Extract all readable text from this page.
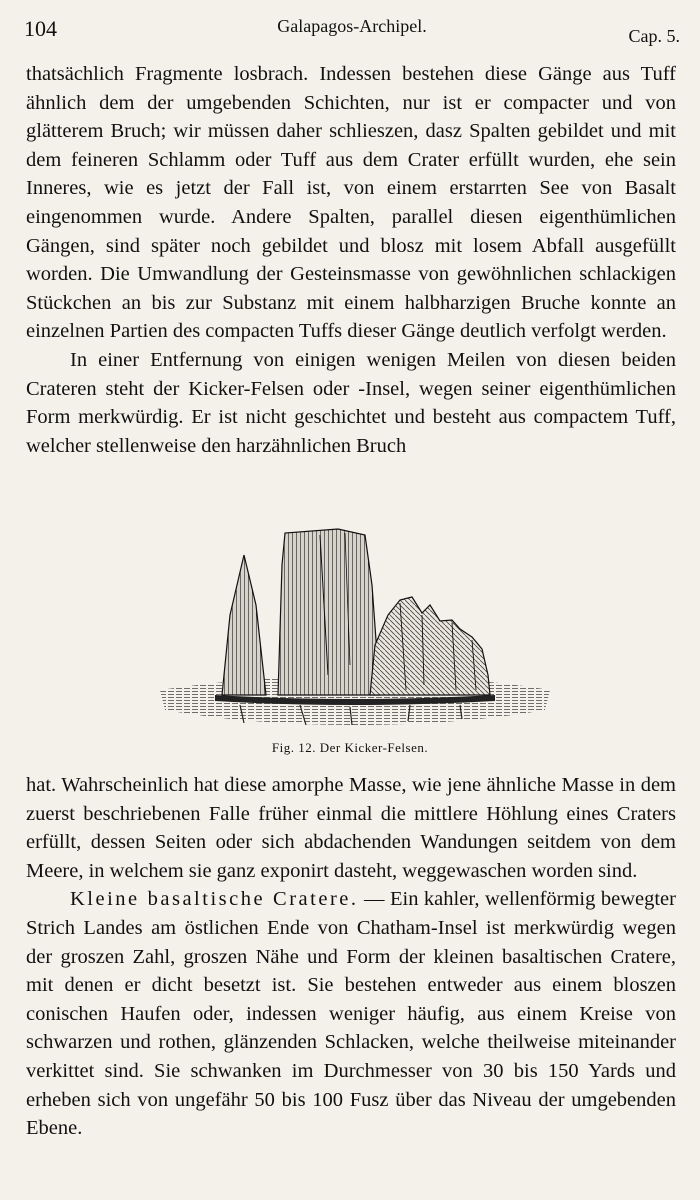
104	Galapagos-Archipel.	Cap. 5.

thatsächlich Fragmente losbrach. Indessen bestehen diese Gänge aus Tuff ähnlich dem der umgebenden Schichten, nur ist er compacter und von glätterem Bruch; wir müssen daher schlieszen, dasz Spalten gebildet und mit dem feineren Schlamm oder Tuff aus dem Crater erfüllt wurden, ehe sein Inneres, wie es jetzt der Fall ist, von einem erstarrten See von Basalt eingenommen wurde. Andere Spalten, parallel diesen eigenthümlichen Gängen, sind später noch gebildet und blosz mit losem Abfall ausgefüllt worden. Die Umwandlung der Gesteinsmasse von gewöhnlichen schlackigen Stückchen an bis zur Substanz mit einem halbharzigen Bruche konnte an einzelnen Partien des compacten Tuffs dieser Gänge deutlich verfolgt werden.

In einer Entfernung von einigen wenigen Meilen von diesen beiden Crateren steht der Kicker-Felsen oder -Insel, wegen seiner eigenthümlichen Form merkwürdig. Er ist nicht geschichtet und besteht aus compactem Tuff, welcher stellenweise den harzähnlichen Bruch

Fig. 12. Der Kicker-Felsen.

hat. Wahrscheinlich hat diese amorphe Masse, wie jene ähnliche Masse in dem zuerst beschriebenen Falle früher einmal die mittlere Höhlung eines Craters erfüllt, dessen Seiten oder sich abdachenden Wandungen seitdem von dem Meere, in welchem sie ganz exponirt dasteht, weggewaschen worden sind.

Kleine basaltische Cratere. — Ein kahler, wellenförmig bewegter Strich Landes am östlichen Ende von Chatham-Insel ist merkwürdig wegen der groszen Zahl, groszen Nähe und Form der kleinen basaltischen Cratere, mit denen er dicht besetzt ist. Sie bestehen entweder aus einem bloszen conischen Haufen oder, indessen weniger häufig, aus einem Kreise von schwarzen und rothen, glänzenden Schlacken, welche theilweise miteinander verkittet sind. Sie schwanken im Durchmesser von 30 bis 150 Yards und erheben sich von ungefähr 50 bis 100 Fusz über das Niveau der umgebenden Ebene.
